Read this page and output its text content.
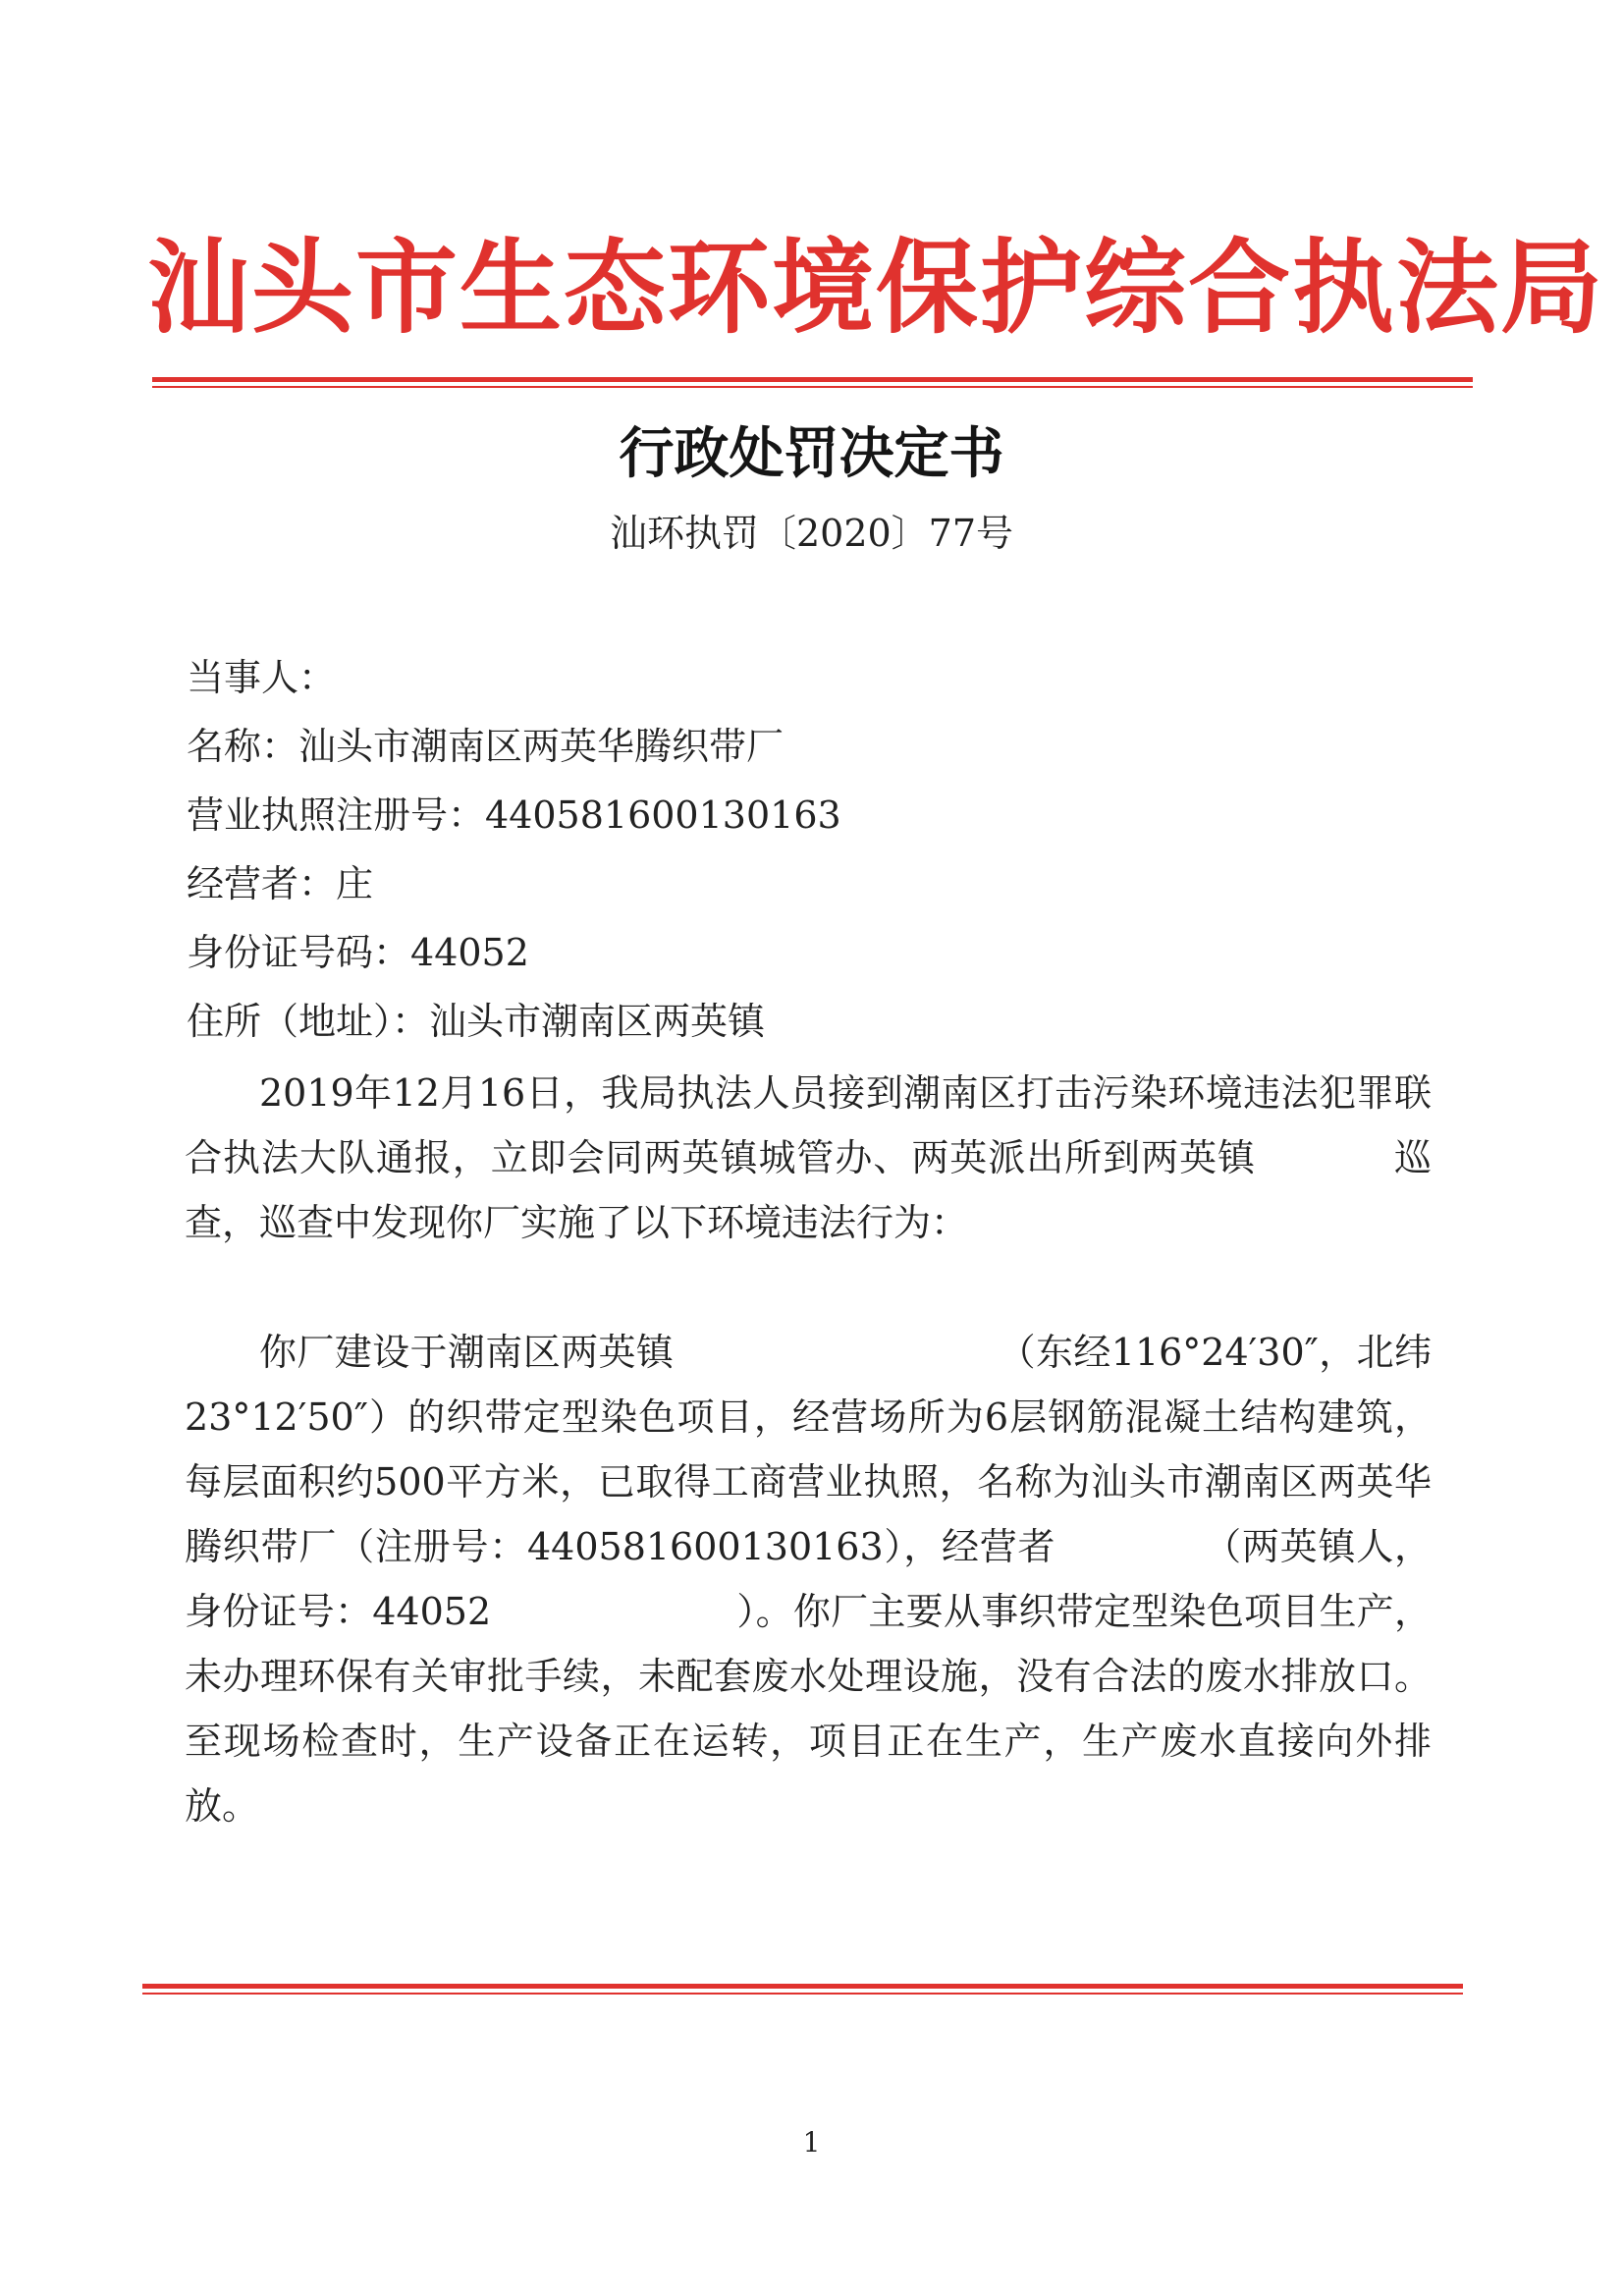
汕头市生态环境保护综合执法局
行政处罚决定书
汕环执罚〔2020〕77号
当事人：
名称：汕头市潮南区两英华腾织带厂
营业执照注册号：440581600130163
经营者：庄
身份证号码：44052
住所（地址）：汕头市潮南区两英镇
2019年12月16日，我局执法人员接到潮南区打击污染环境违法犯罪联合执法大队通报，立即会同两英镇城管办、两英派出所到两英镇	巡查，巡查中发现你厂实施了以下环境违法行为：
你厂建设于潮南区两英镇	（东经116°24′30″，北纬23°12′50″）的织带定型染色项目，经营场所为6层钢筋混凝土结构建筑，每层面积约500平方米，已取得工商营业执照，名称为汕头市潮南区两英华腾织带厂（注册号：440581600130163），经营者	（两英镇人，身份证号：44052	）。你厂主要从事织带定型染色项目生产，未办理环保有关审批手续，未配套废水处理设施，没有合法的废水排放口。至现场检查时，生产设备正在运转，项目正在生产，生产废水直接向外排放。
1
